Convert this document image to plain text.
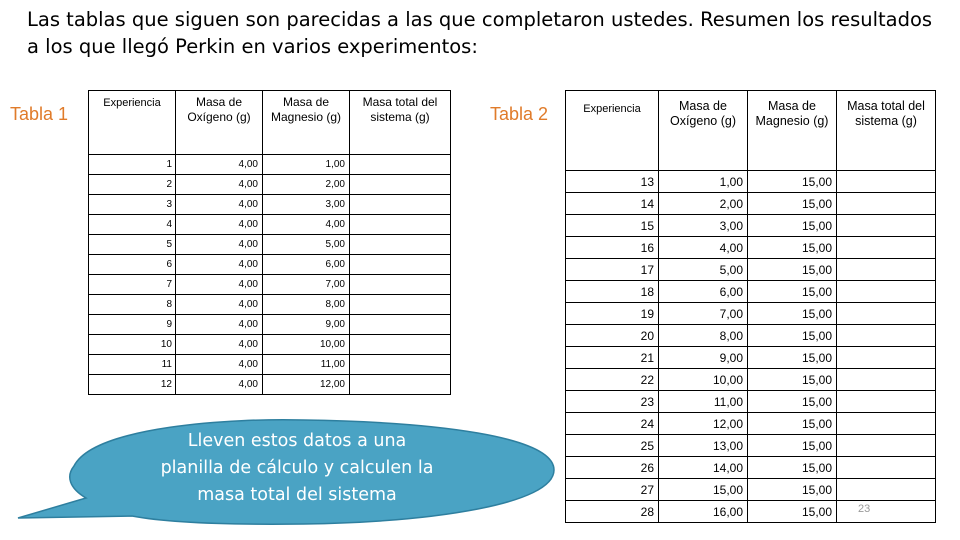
Las tablas que siguen son parecidas a las que completaron ustedes. Resumen los resultados a los que llegó Perkin en varios experimentos:

Tabla 1	Tabla 2
Experiencia	Masa de Oxígeno (g)	Masa de Magnesio (g)	Masa total del sistema (g)
1	4,00	1,00	
2	4,00	2,00	
3	4,00	3,00	
4	4,00	4,00	
5	4,00	5,00	
6	4,00	6,00	
7	4,00	7,00	
8	4,00	8,00	
9	4,00	9,00	
10	4,00	10,00	
11	4,00	11,00	
12	4,00	12,00	
Experiencia	Masa de Oxígeno (g)	Masa de Magnesio (g)	Masa total del sistema (g)
13	1,00	15,00	
14	2,00	15,00	
15	3,00	15,00	
16	4,00	15,00	
17	5,00	15,00	
18	6,00	15,00	
19	7,00	15,00	
20	8,00	15,00	
21	9,00	15,00	
22	10,00	15,00	
23	11,00	15,00	
24	12,00	15,00	
25	13,00	15,00	
26	14,00	15,00	
27	15,00	15,00	
28	16,00	15,00	
Lleven estos datos a una
planilla de cálculo y calculen la
masa total del sistema
23
